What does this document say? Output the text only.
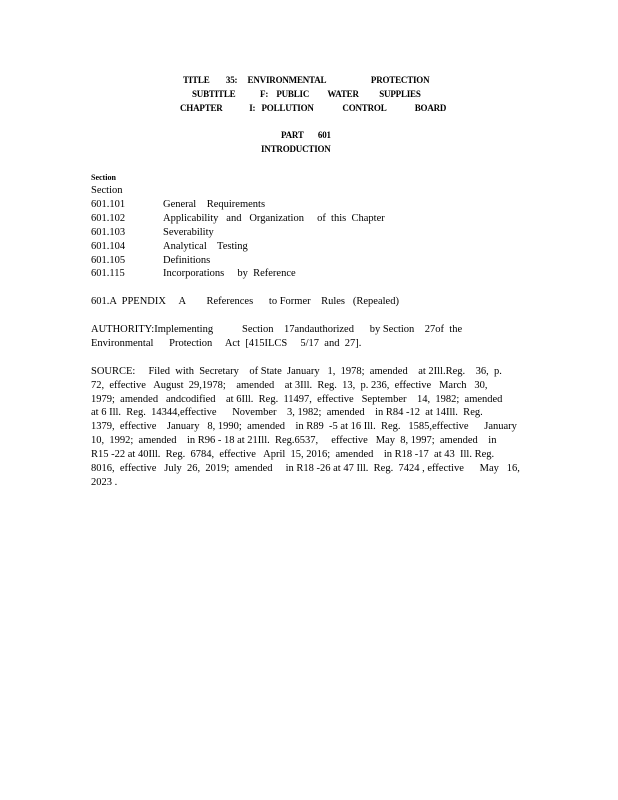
TITLE        35:     ENVIRONMENTAL                      PROTECTION
SUBTITLE            F:    PUBLIC         WATER          SUPPLIES
CHAPTER             I:   POLLUTION              CONTROL              BOARD
PART       601
INTRODUCTION
Section
Section
601.101	General    Requirements
601.102	Applicability   and   Organization     of  this  Chapter
601.103	Severability
601.104	Analytical    Testing
601.105	Definitions
601.115	Incorporations     by  Reference
601.A  PPENDIX     A        References      to Former    Rules   (Repealed)
AUTHORITY:Implementing           Section    17andauthorized      by Section    27of  the
Environmental      Protection     Act  [415ILCS     5/17  and  27].
SOURCE:     Filed  with  Secretary    of State  January   1,  1978;  amended    at 2Ill.Reg.    36,  p.
72,  effective   August  29,1978;    amended    at 3Ill.  Reg.  13,  p. 236,  effective   March   30,
1979;  amended   andcodified    at 6Ill.  Reg.  11497,  effective   September    14,  1982;  amended
at 6 Ill.  Reg.  14344,effective      November    3, 1982;  amended    in R84 -12  at 14Ill.  Reg.
1379,  effective    January   8, 1990;  amended    in R89  -5 at 16 Ill.  Reg.   1585,effective      January
10,  1992;  amended    in R96 - 18 at 21Ill.  Reg.6537,     effective   May  8, 1997;  amended    in
R15 -22 at 40Ill.  Reg.  6784,  effective   April  15, 2016;  amended    in R18 -17  at 43  Ill. Reg.
8016,  effective   July  26,  2019;  amended     in R18 -26 at 47 Ill.  Reg.  7424 , effective      May   16,
2023 .
